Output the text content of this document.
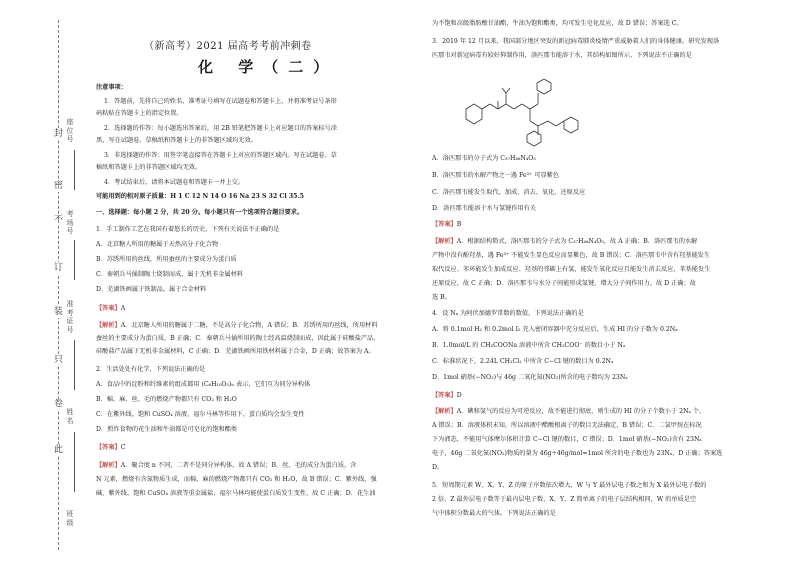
封
密
不
订
装
只
卷
此
座位号
考场号
准考证号
姓名
班级
（新高考）2021 届高考考前冲刺卷
化 学（二）
注意事项：
1．答题前，先将自己的姓名、准考证号填写在试题卷和答题卡上，并将准考证号条形
码粘贴在答题卡上的指定位置。
2．选择题的作答：每小题选出答案后，用 2B 铅笔把答题卡上对应题目的答案标号涂
黑，写在试题卷、草稿纸和答题卡上的非答题区域均无效。
3．非选择题的作答：用签字笔直接答在答题卡上对应的答题区域内。写在试题卷、草
稿纸和答题卡上的非答题区域均无效。
4．考试结束后，请将本试题卷和答题卡一并上交。
可能用到的相对原子质量：H 1 C 12 N 14 O 16 Na 23 S 32 Cl 35.5
一、选择题：每小题 2 分，共 20 分。每小题只有一个选项符合题目要求。
1．手工制作工艺在我国有着悠长的历史，下列有关说法不正确的是
A．北京糖人所用的糖属于天然高分子化合物
B．苏绣所用的丝线，所用蚕丝的主要成分为蛋白质
C．秦朝兵马俑制陶土烧制而成，属于无机非金属材料
D．芜湖铁画属于铁制品，属于合金材料
【答案】A
【解析】A．北京糖人所用的糖属于二糖，不是高分子化合物，A 错误；B．苏绣所用的丝线，所用材料
蚕丝的主要成分为蛋白质，B 正确；C．秦朝兵马俑所用的陶土经高温烧制而成，因此属于硅酸盐产品，
硅酸盐产品属于无机非金属材料，C 正确；D．芜湖铁画所用铁材料属于合金，D 正确；故答案为 A。
2．生活处处有化学，下列说法正确的是
A．食品中的淀粉和纤维素的组成都用 (C₆H₁₀O₅)ₙ 表示，它们互为同分异构体
B．棉、麻、丝、毛的燃烧产物都只有 CO₂ 和 H₂O
C．在紫外线、饱和 CuSO₄ 溶液、福尔马林等作用下，蛋白质均会发生变性
D．煎炸食物的花生油和牛油都是可皂化的饱和酯类
【答案】C
【解析】A．聚合度 n 不同，二者不是同分异构体，故 A 错误；B．丝、毛的成分为蛋白质，含
N 元素，燃烧有含氮物质生成，而棉、麻的燃烧产物都只有 CO₂ 和 H₂O，故 B 错误；C．紫外线、强
碱、紫外线、饱和 CuSO₄ 溶液等重金属盐、福尔马林均能使蛋白质发生变性，故 C 正确；D．花生油
为不饱和高级脂肪酸甘油酯，牛油为饱和酯类，均可发生皂化反应，故 D 错误；答案选 C。
3．2019 年 12 月以来，我国部分地区突发的新冠病毒肺炎疫情严重威胁着人们的身体健康。研究发现洛
匹那韦对新冠病毒有较好抑制作用，洛匹那韦能溶于水，其结构如图所示，下列说法不正确的是
A．洛匹那韦的分子式为 C₃₇H₄₈N₄O₅
B．洛匹那韦的水解产物之一遇 Fe³⁺ 可显紫色
C．洛匹那韦能发生取代、加成、消去、氧化、还原反应
D．洛匹那韦能溶于水与氢键作用有关
【答案】B
【解析】A．根据结构简式，洛匹那韦的分子式为 C₃₇H₄₈N₄O₅，故 A 正确；B．洛匹那韦的水解
产物中没有酚羟基，遇 Fe³⁺ 不能发生显色反应而显紫色，故 B 错误；C．洛匹那韦中含有羟基能发生
取代反应、苯环能发生加成反应、羟基的邻碳上有氢，能发生氧化反应且能发生消去反应、苯基能发生
还原反应，故 C 正确；D．洛匹那韦与水分子间能形成氢键，增大分子间作用力，故 D 正确；故
选 B。
4．设 Nₐ 为阿伏加德罗常数的数值，下列说法正确的是
A．将 0.1mol H₂ 和 0.2mol I₂ 充入密闭容器中充分反应后，生成 HI 的分子数为 0.2Nₐ
B．1.0mol/L 的 CH₃COONa 溶液中所含 CH₃COO⁻ 的数目小于 Nₐ
C．标准状况下，2.24L CH₂Cl₂ 中所含 C−Cl 键的数目为 0.2Nₐ
D．1mol 硝基(−NO₂)与 46g 二氧化氮(NO₂)所含的电子数均为 23Nₐ
【答案】D
【解析】A．碘和氢气的反应为可逆反应，故不能进行彻底，则生成的 HI 的分子个数小于 2Nₐ 个，
A 错误；B．溶液体积未知，所以溶液中醋酸根离子的数目无法确定，B 错误；C．二氯甲烷在标况
下为液态，不能用气体摩尔体积计算 C−Cl 键的数目，C 错误；D．1mol 硝基(−NO₂)含有 23Nₐ
电子，46g 二氧化氮(NO₂)物质的量为 46g÷46g/mol=1mol 所含的电子数也为 23Nₐ，D 正确；答案选
D。
5．短周期元素 W、X、Y、Z 的原子序数依次增大，W 与 Y 最外层电子数之和为 X 最外层电子数的
2 倍，Z 最外层电子数等于最内层电子数，X、Y、Z 简单离子的电子层结构相同，W 的单质是空
气中体积分数最大的气体。下列说法正确的是
